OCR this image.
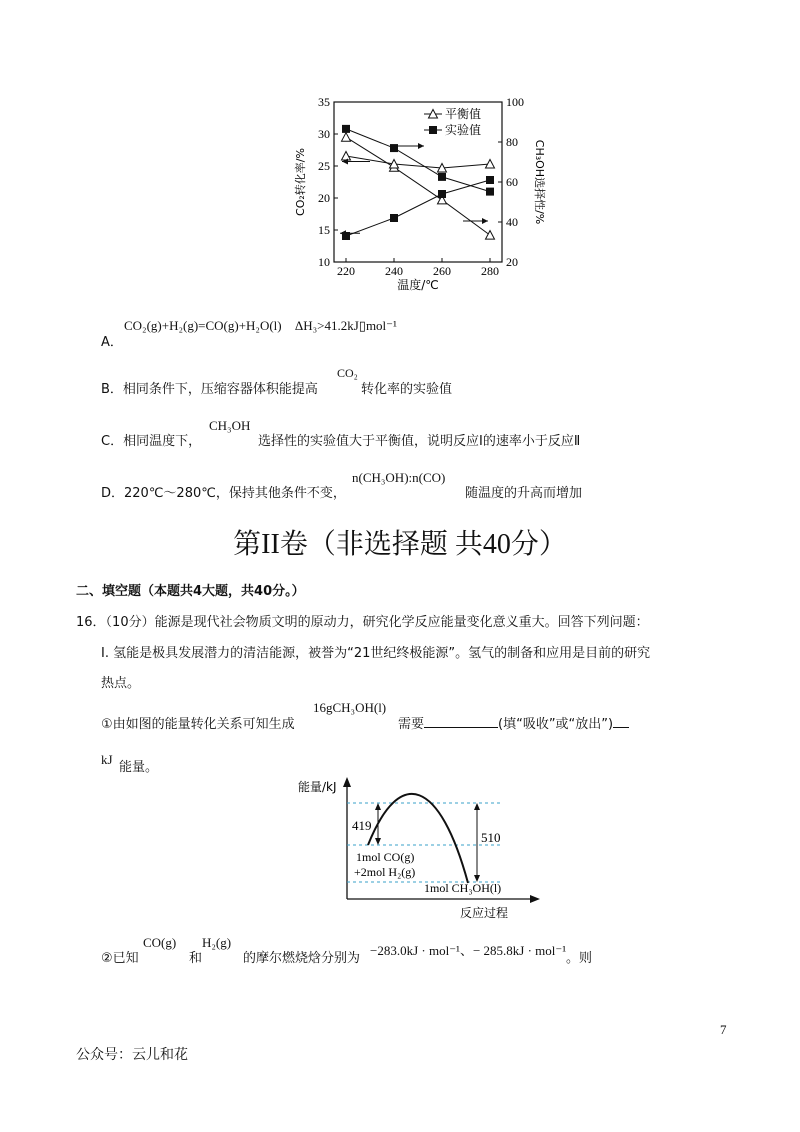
220	240	260	280
10
15
20
25
30
35
20
40
60
80
100
温度/℃
CO₂转化率/%	CH₃OH选择性/%
平衡值
实验值
A．
CO₂(g)+H₂(g)=CO(g)+H₂O(l) ΔH₃>41.2kJ▯mol⁻¹
B．相同条件下，压缩容器体积能提高
CO₂
转化率的实验值
C．相同温度下，
CH₃OH
选择性的实验值大于平衡值，说明反应Ⅰ的速率小于反应Ⅱ
D．220℃～280℃，保持其他条件不变，
n(CH₃OH):n(CO)
随温度的升高而增加
第II卷（非选择题 共40分）
二、填空题（本题共4大题，共40分。）
16．（10分）能源是现代社会物质文明的原动力，研究化学反应能量变化意义重大。回答下列问题：
I. 氢能是极具发展潜力的清洁能源，被誉为“21世纪终极能源”。氢气的制备和应用是目前的研究
热点。
①由如图的能量转化关系可知生成
16gCH₃OH(l)
需要	(填“吸收”或“放出”)
kJ
能量。
能量/kJ
反应过程
419
510
1mol CO(g)
+2mol H₂(g)
1mol CH₃OH(l)
②已知
CO(g)
和
H₂(g)
的摩尔燃烧焓分别为
−283.0kJ · mol⁻¹、− 285.8kJ · mol⁻¹
。则
7
公众号：云儿和花
